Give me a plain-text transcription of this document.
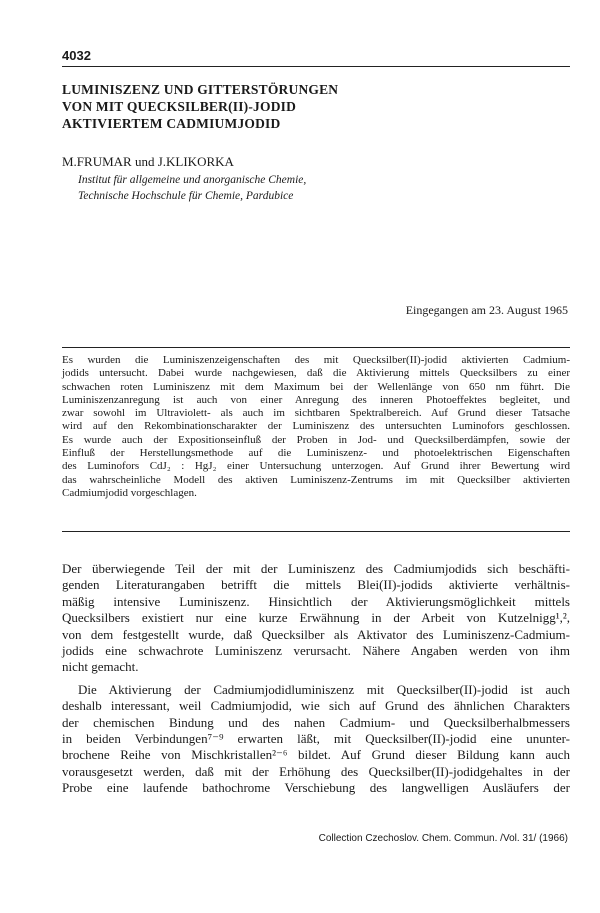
4032
LUMINISZENZ UND GITTERSTÖRUNGEN
VON MIT QUECKSILBER(II)-JODID
AKTIVIERTEM CADMIUMJODID
M.FRUMAR und J.KLIKORKA
Institut für allgemeine und anorganische Chemie,
Technische Hochschule für Chemie, Pardubice
Eingegangen am 23. August 1965
Es wurden die Luminiszenzeigenschaften des mit Quecksilber(II)-jodid aktivierten Cadmium-
jodids untersucht. Dabei wurde nachgewiesen, daß die Aktivierung mittels Quecksilbers zu einer
schwachen roten Luminiszenz mit dem Maximum bei der Wellenlänge von 650 nm führt. Die
Luminiszenzanregung ist auch von einer Anregung des inneren Photoeffektes begleitet, und
zwar sowohl im Ultraviolett- als auch im sichtbaren Spektralbereich. Auf Grund dieser Tatsache
wird auf den Rekombinationscharakter der Luminiszenz des untersuchten Luminofors geschlossen.
Es wurde auch der Expositionseinfluß der Proben in Jod- und Quecksilberdämpfen, sowie der
Einfluß der Herstellungsmethode auf die Luminiszenz- und photoelektrischen Eigenschaften
des Luminofors CdJ₂ : HgJ₂ einer Untersuchung unterzogen. Auf Grund ihrer Bewertung wird
das wahrscheinliche Modell des aktiven Luminiszenz-Zentrums im mit Quecksilber aktivierten
Cadmiumjodid vorgeschlagen.
Der überwiegende Teil der mit der Luminiszenz des Cadmiumjodids sich beschäfti-
genden Literaturangaben betrifft die mittels Blei(II)-jodids aktivierte verhältnis-
mäßig intensive Luminiszenz. Hinsichtlich der Aktivierungsmöglichkeit mittels
Quecksilbers existiert nur eine kurze Erwähnung in der Arbeit von Kutzelnigg¹,²,
von dem festgestellt wurde, daß Quecksilber als Aktivator des Luminiszenz-Cadmium-
jodids eine schwachrote Luminiszenz verursacht. Nähere Angaben werden von ihm
nicht gemacht.
Die Aktivierung der Cadmiumjodidluminiszenz mit Quecksilber(II)-jodid ist auch
deshalb interessant, weil Cadmiumjodid, wie sich auf Grund des ähnlichen Charakters
der chemischen Bindung und des nahen Cadmium- und Quecksilberhalbmessers
in beiden Verbindungen⁷⁻⁹ erwarten läßt, mit Quecksilber(II)-jodid eine ununter-
brochene Reihe von Mischkristallen²⁻⁶ bildet. Auf Grund dieser Bildung kann auch
vorausgesetzt werden, daß mit der Erhöhung des Quecksilber(II)-jodidgehaltes in der
Probe eine laufende bathochrome Verschiebung des langwelligen Ausläufers der
Collection Czechoslov. Chem. Commun. /Vol. 31/ (1966)
